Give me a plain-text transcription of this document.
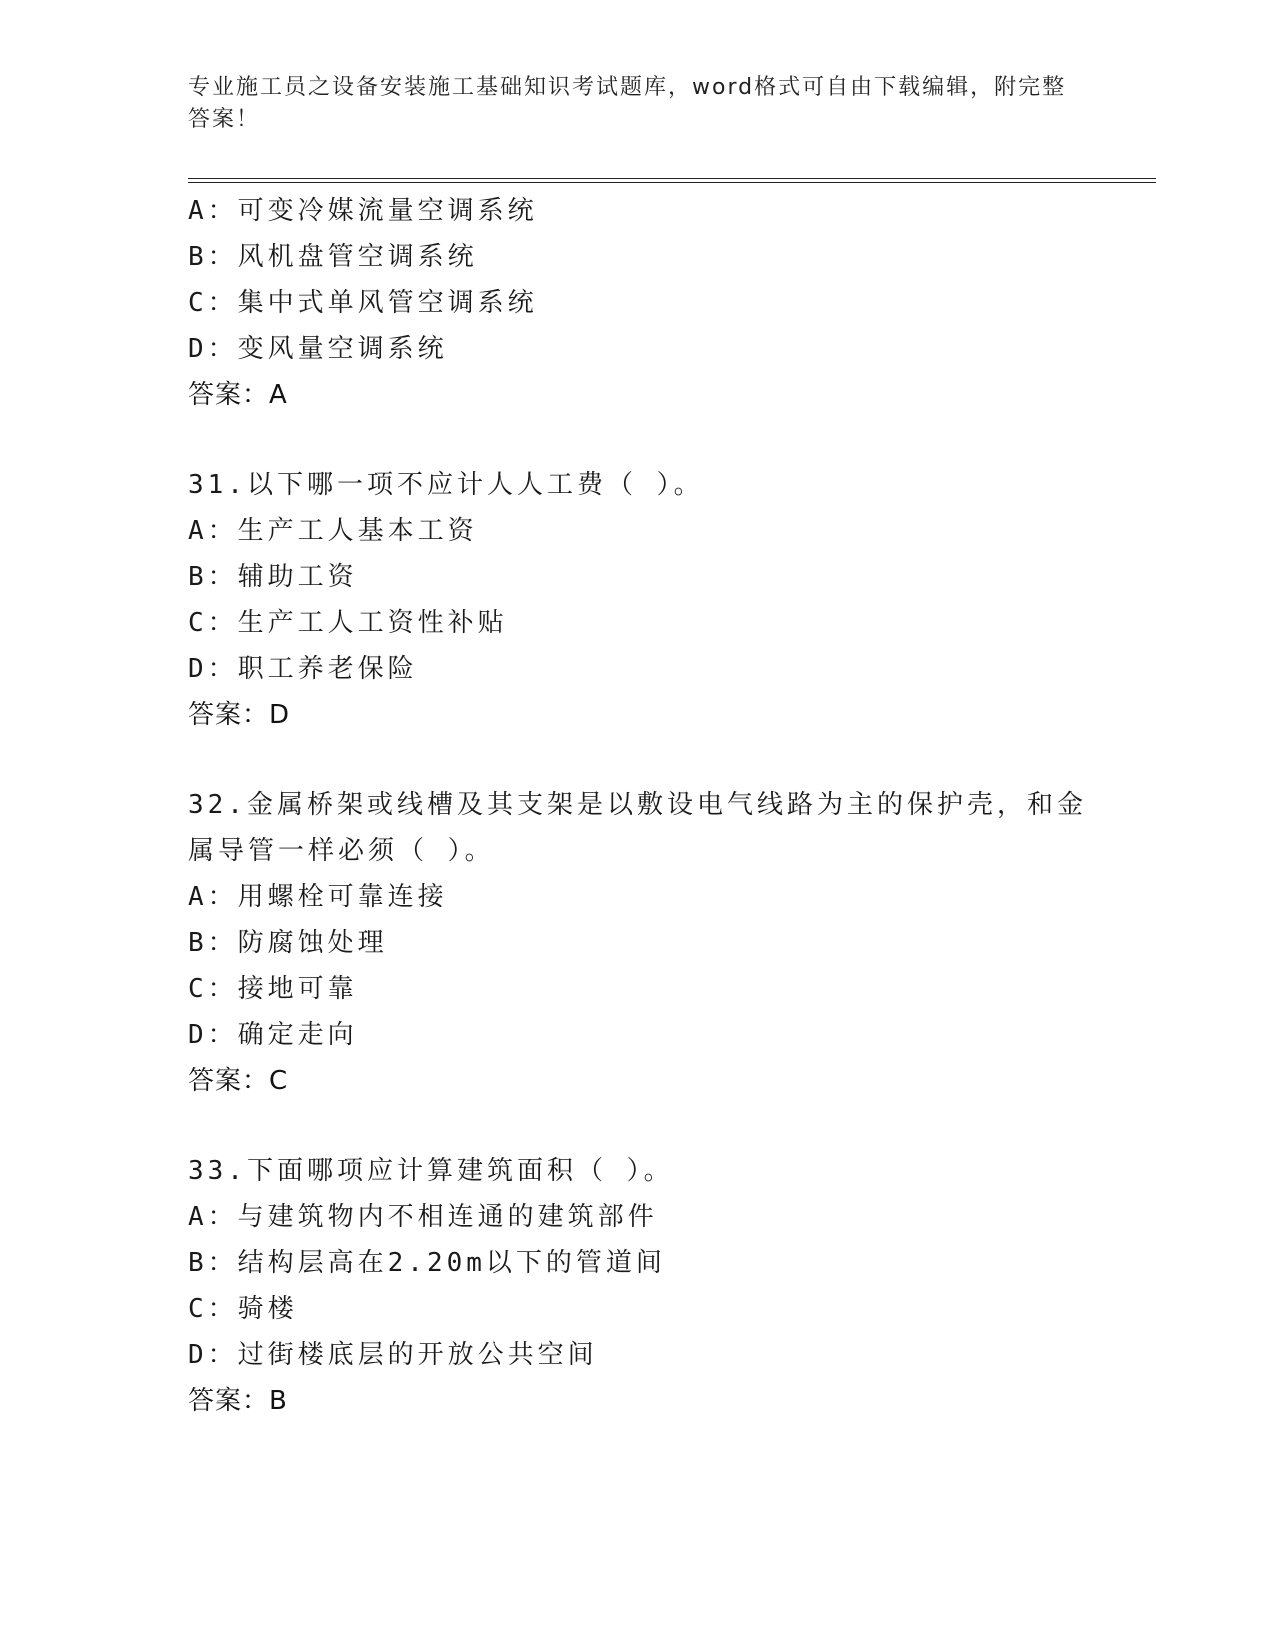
专业施工员之设备安装施工基础知识考试题库，word格式可自由下载编辑，附完整答案！
A：可变冷媒流量空调系统
B：风机盘管空调系统
C：集中式单风管空调系统
D：变风量空调系统
答案：A
31.以下哪一项不应计人人工费（ ）。
A：生产工人基本工资
B：辅助工资
C：生产工人工资性补贴
D：职工养老保险
答案：D
32.金属桥架或线槽及其支架是以敷设电气线路为主的保护壳，和金属导管一样必须（ ）。
A：用螺栓可靠连接
B：防腐蚀处理
C：接地可靠
D：确定走向
答案：C
33.下面哪项应计算建筑面积（ ）。
A：与建筑物内不相连通的建筑部件
B：结构层高在2.20m以下的管道间
C：骑楼
D：过街楼底层的开放公共空间
答案：B
